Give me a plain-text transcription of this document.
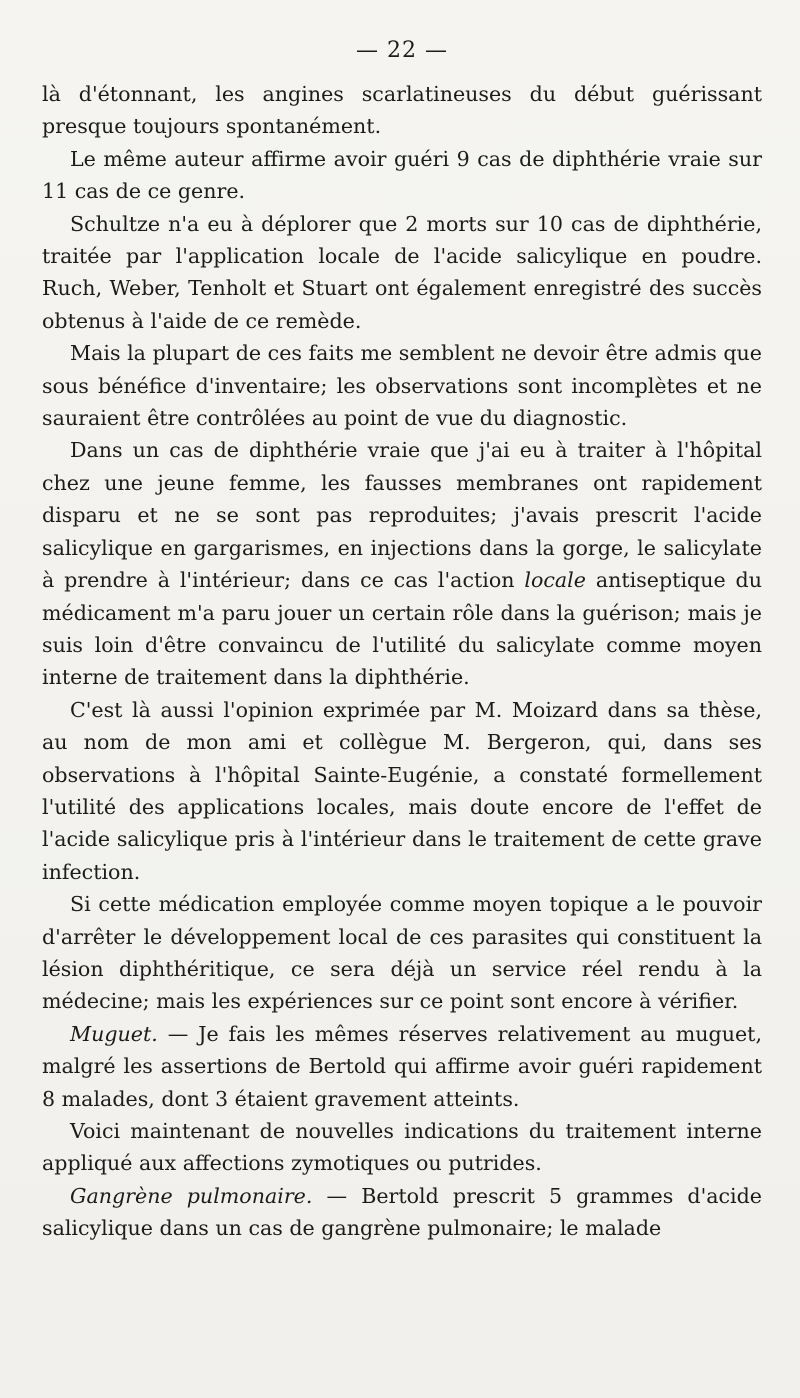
— 22 —

là d'étonnant, les angines scarlatineuses du début guérissant presque toujours spontanément.

Le même auteur affirme avoir guéri 9 cas de diphthérie vraie sur 11 cas de ce genre.

Schultze n'a eu à déplorer que 2 morts sur 10 cas de diphthérie, traitée par l'application locale de l'acide salicylique en poudre. Ruch, Weber, Tenholt et Stuart ont également enregistré des succès obtenus à l'aide de ce remède.

Mais la plupart de ces faits me semblent ne devoir être admis que sous bénéfice d'inventaire; les observations sont incomplètes et ne sauraient être contrôlées au point de vue du diagnostic.

Dans un cas de diphthérie vraie que j'ai eu à traiter à l'hôpital chez une jeune femme, les fausses membranes ont rapidement disparu et ne se sont pas reproduites; j'avais prescrit l'acide salicylique en gargarismes, en injections dans la gorge, le salicylate à prendre à l'intérieur; dans ce cas l'action locale antiseptique du médicament m'a paru jouer un certain rôle dans la guérison; mais je suis loin d'être convaincu de l'utilité du salicylate comme moyen interne de traitement dans la diphthérie.

C'est là aussi l'opinion exprimée par M. Moizard dans sa thèse, au nom de mon ami et collègue M. Bergeron, qui, dans ses observations à l'hôpital Sainte-Eugénie, a constaté formellement l'utilité des applications locales, mais doute encore de l'effet de l'acide salicylique pris à l'intérieur dans le traitement de cette grave infection.

Si cette médication employée comme moyen topique a le pouvoir d'arrêter le développement local de ces parasites qui constituent la lésion diphthéritique, ce sera déjà un service réel rendu à la médecine; mais les expériences sur ce point sont encore à vérifier.

Muguet. — Je fais les mêmes réserves relativement au muguet, malgré les assertions de Bertold qui affirme avoir guéri rapidement 8 malades, dont 3 étaient gravement atteints.

Voici maintenant de nouvelles indications du traitement interne appliqué aux affections zymotiques ou putrides.

Gangrène pulmonaire. — Bertold prescrit 5 grammes d'acide salicylique dans un cas de gangrène pulmonaire; le malade
